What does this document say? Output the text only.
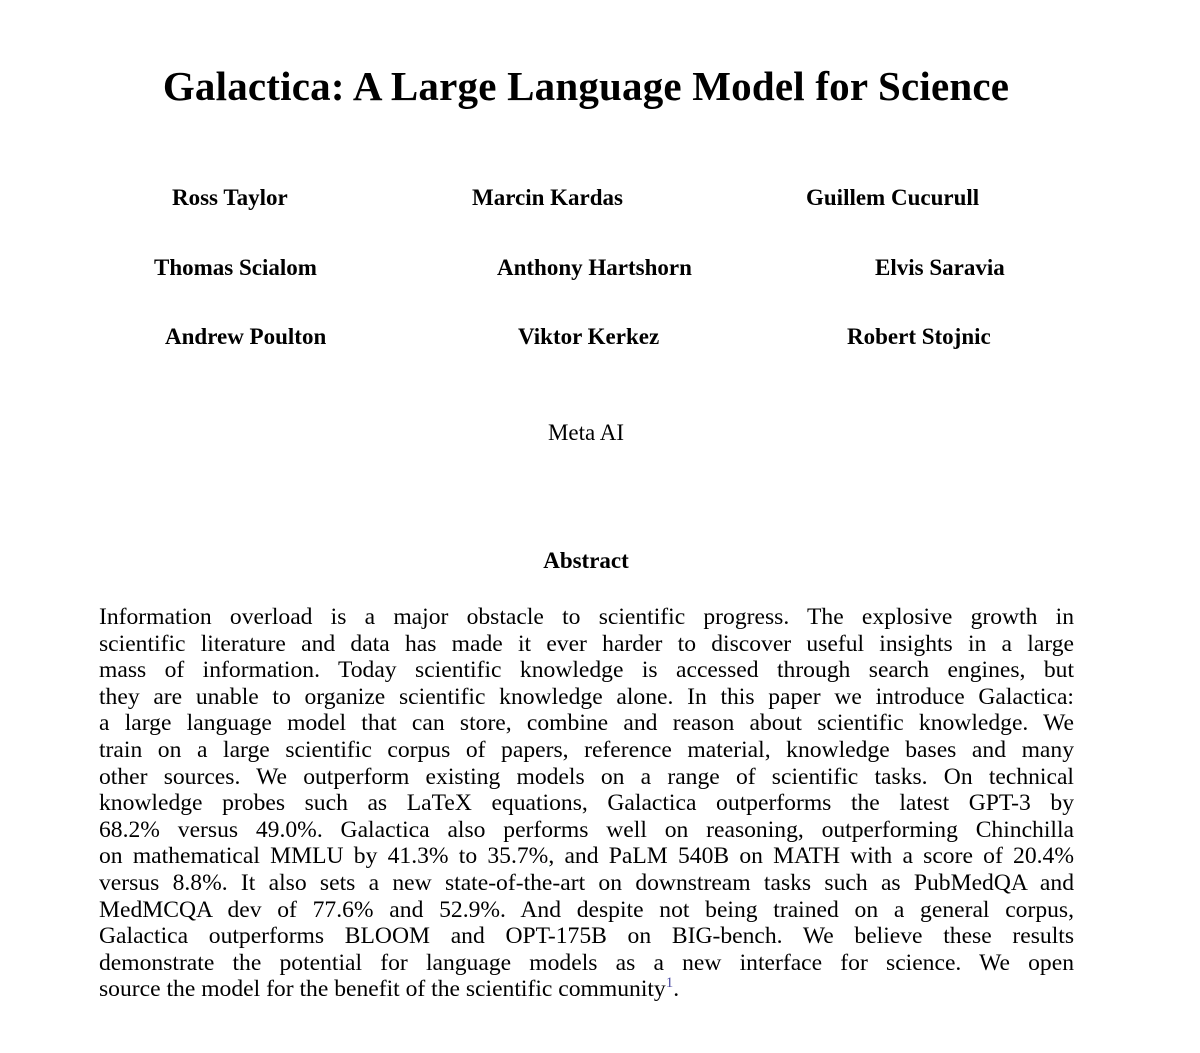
Galactica: A Large Language Model for Science
Ross Taylor	Marcin Kardas	Guillem Cucurull
Thomas Scialom	Anthony Hartshorn	Elvis Saravia
Andrew Poulton	Viktor Kerkez	Robert Stojnic
Meta AI
Abstract
Information overload is a major obstacle to scientific progress. The explosive growth in
scientific literature and data has made it ever harder to discover useful insights in a large
mass of information. Today scientific knowledge is accessed through search engines, but
they are unable to organize scientific knowledge alone. In this paper we introduce Galactica:
a large language model that can store, combine and reason about scientific knowledge. We
train on a large scientific corpus of papers, reference material, knowledge bases and many
other sources. We outperform existing models on a range of scientific tasks. On technical
knowledge probes such as LaTeX equations, Galactica outperforms the latest GPT-3 by
68.2% versus 49.0%. Galactica also performs well on reasoning, outperforming Chinchilla
on mathematical MMLU by 41.3% to 35.7%, and PaLM 540B on MATH with a score of 20.4%
versus 8.8%. It also sets a new state-of-the-art on downstream tasks such as PubMedQA and
MedMCQA dev of 77.6% and 52.9%. And despite not being trained on a general corpus,
Galactica outperforms BLOOM and OPT-175B on BIG-bench. We believe these results
demonstrate the potential for language models as a new interface for science. We open
source the model for the benefit of the scientific community$^1$.
